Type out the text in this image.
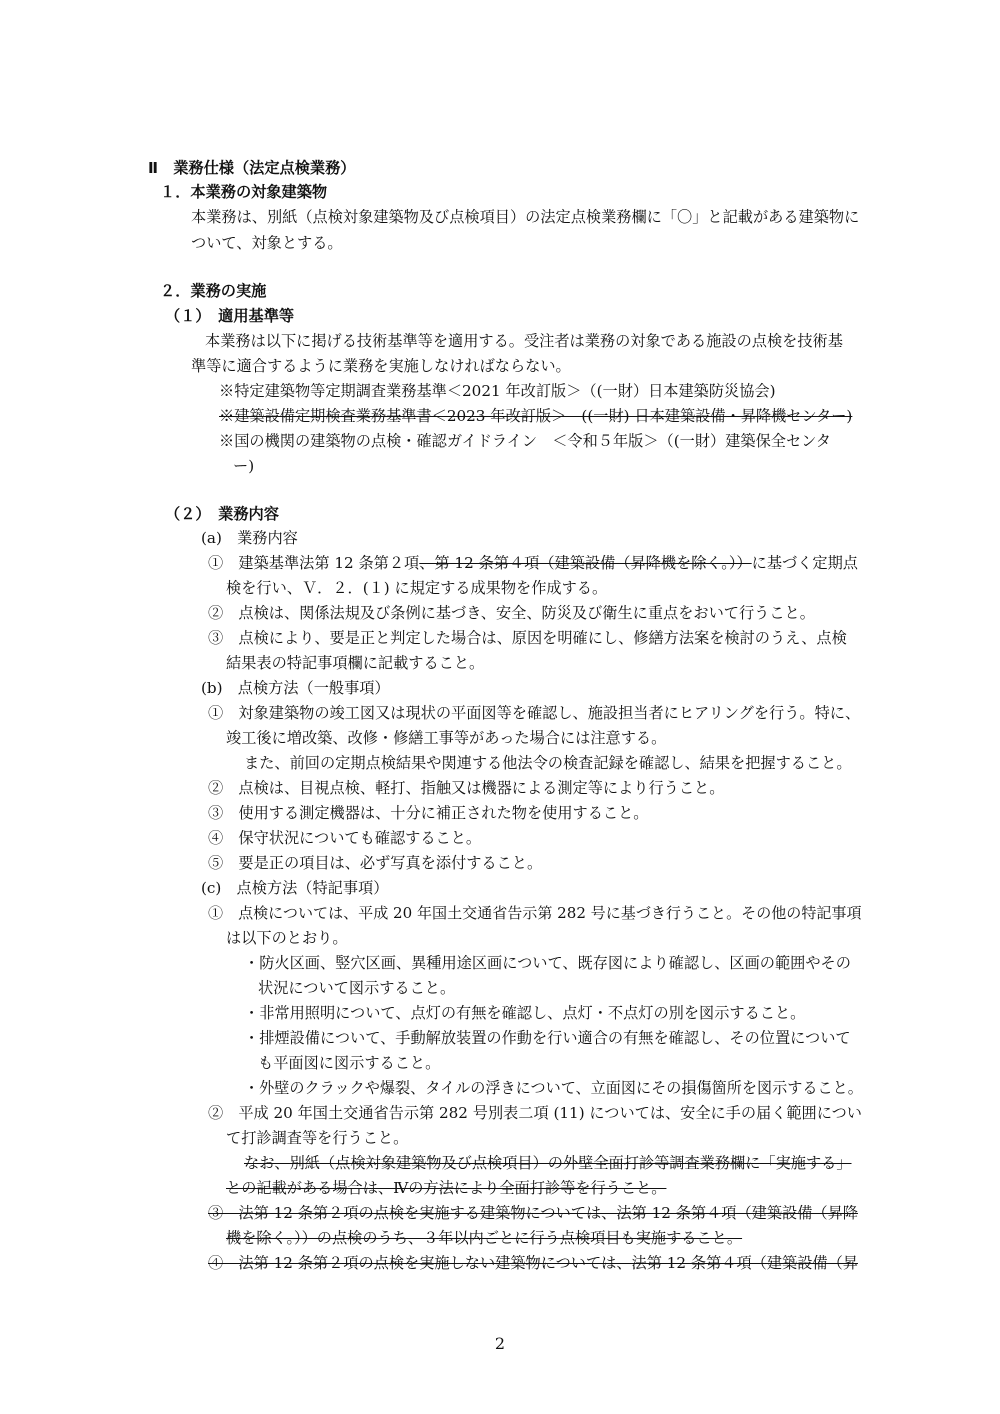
Ⅱ　業務仕様（法定点検業務）
１．本業務の対象建築物
本業務は、別紙（点検対象建築物及び点検項目）の法定点検業務欄に「〇」と記載がある建築物に
ついて、対象とする。
２．業務の実施
（１）　適用基準等
本業務は以下に掲げる技術基準等を適用する。受注者は業務の対象である施設の点検を技術基
準等に適合するように業務を実施しなければならない。
※特定建築物等定期調査業務基準＜2021 年改訂版＞（(一財）日本建築防災協会)
※建築設備定期検査業務基準書＜2023 年改訂版＞　((一財) 日本建築設備・昇降機センター)
※国の機関の建築物の点検・確認ガイドライン　＜令和５年版＞（(一財）建築保全センタ
ー)
（２）　業務内容
(a)　業務内容
①　建築基準法第 12 条第２項、第 12 条第４項（建築設備（昇降機を除く。））に基づく定期点
検を行い、Ｖ．２．(１) に規定する成果物を作成する。
②　点検は、関係法規及び条例に基づき、安全、防災及び衛生に重点をおいて行うこと。
③　点検により、要是正と判定した場合は、原因を明確にし、修繕方法案を検討のうえ、点検
結果表の特記事項欄に記載すること。
(b)　点検方法（一般事項）
①　対象建築物の竣工図又は現状の平面図等を確認し、施設担当者にヒアリングを行う。特に、
竣工後に増改築、改修・修繕工事等があった場合には注意する。
また、前回の定期点検結果や関連する他法令の検査記録を確認し、結果を把握すること。
②　点検は、目視点検、軽打、指触又は機器による測定等により行うこと。
③　使用する測定機器は、十分に補正された物を使用すること。
④　保守状況についても確認すること。
⑤　要是正の項目は、必ず写真を添付すること。
(c)　点検方法（特記事項）
①　点検については、平成 20 年国土交通省告示第 282 号に基づき行うこと。その他の特記事項
は以下のとおり。
・防火区画、竪穴区画、異種用途区画について、既存図により確認し、区画の範囲やその
状況について図示すること。
・非常用照明について、点灯の有無を確認し、点灯・不点灯の別を図示すること。
・排煙設備について、手動解放装置の作動を行い適合の有無を確認し、その位置について
も平面図に図示すること。
・外壁のクラックや爆裂、タイルの浮きについて、立面図にその損傷箇所を図示すること。
②　平成 20 年国土交通省告示第 282 号別表二項 (11) については、安全に手の届く範囲につい
て打診調査等を行うこと。
なお、別紙（点検対象建築物及び点検項目）の外壁全面打診等調査業務欄に「実施する」
との記載がある場合は、Ⅳの方法により全面打診等を行うこと。
③　法第 12 条第２項の点検を実施する建築物については、法第 12 条第４項（建築設備（昇降
機を除く。））の点検のうち、３年以内ごとに行う点検項目も実施すること。
④　法第 12 条第２項の点検を実施しない建築物については、法第 12 条第４項（建築設備（昇
2
